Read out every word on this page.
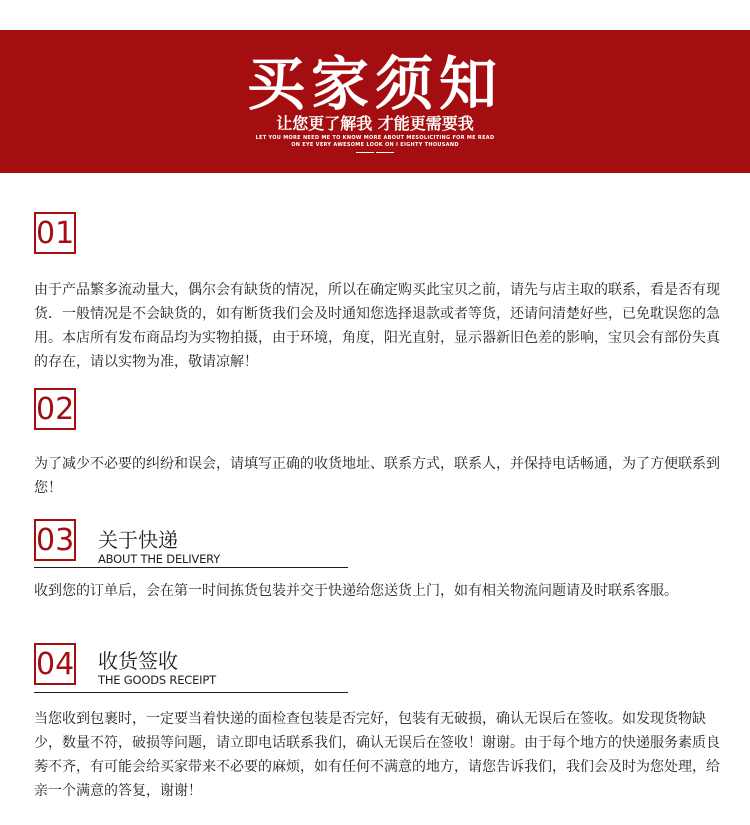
买家须知
让您更了解我 才能更需要我
LET YOU MORE NEED ME TO KNOW MORE ABOUT MESOLICITING FOR ME READ
ON EYE VERY AWESOME LOOK ON I EIGHTY THOUSAND
01
由于产品繁多流动量大，偶尔会有缺货的情况，所以在确定购买此宝贝之前，请先与店主取的联系，看是否有现货．一般情况是不会缺货的，如有断货我们会及时通知您选择退款或者等货，还请问清楚好些，已免耽误您的急用。本店所有发布商品均为实物拍摄，由于环境，角度，阳光直射，显示器新旧色差的影响，宝贝会有部份失真的存在，请以实物为准，敬请凉解！
02
为了减少不必要的纠纷和误会，请填写正确的收货地址、联系方式，联系人，并保持电话畅通，为了方便联系到您！
03 关于快递
ABOUT THE DELIVERY
收到您的订单后，会在第一时间拣货包装并交于快递给您送货上门，如有相关物流问题请及时联系客服。
04 收货签收
THE GOODS RECEIPT
当您收到包裹时，一定要当着快递的面检查包装是否完好，包装有无破损，确认无误后在签收。如发现货物缺少，数量不符，破损等问题，请立即电话联系我们，确认无误后在签收！谢谢。由于每个地方的快递服务素质良莠不齐，有可能会给买家带来不必要的麻烦，如有任何不满意的地方，请您告诉我们，我们会及时为您处理，给亲一个满意的答复，谢谢！
